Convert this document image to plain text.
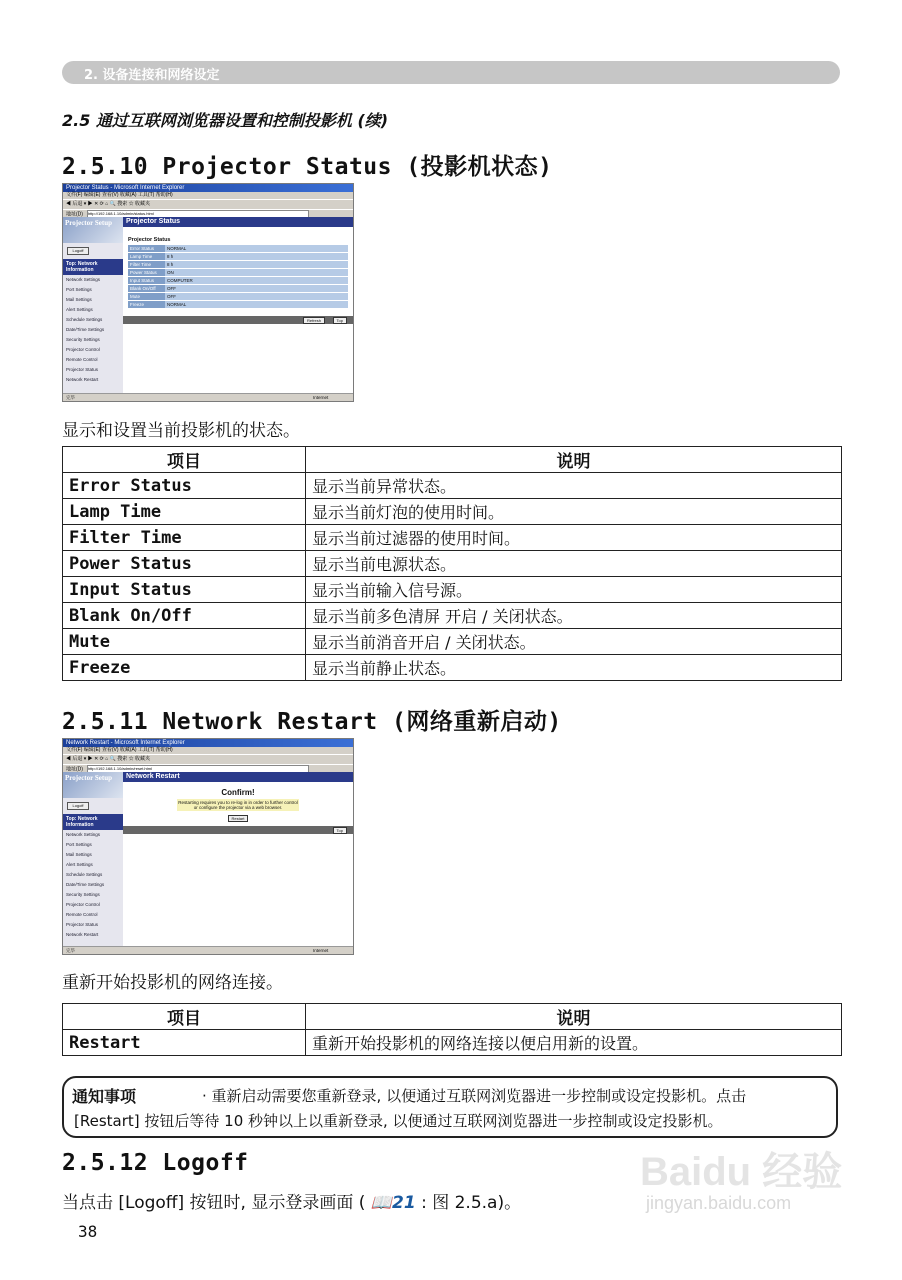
2. 设备连接和网络设定
2.5 通过互联网浏览器设置和控制投影机 (续)
2.5.10 Projector Status (投影机状态)
Projector Status - Microsoft Internet Explorer
文件(F) 编辑(E) 查看(V) 收藏(A) 工具(T) 帮助(H)
◀ 后退 ▾ ▶ ✕ ⟳ ⌂ 🔍 搜索 ☆ 收藏夹
地址(D) http://192.168.1.10/admin/status.html
Projector Setup
Logoff
Top: Network Information
Network Settings
Port Settings
Mail Settings
Alert Settings
Schedule Settings
Date/Time Settings
Security Settings
Projector Control
Remote Control
Projector Status
Network Restart
Projector Status
Projector Status
Error Status	NORMAL
Lamp Time	8 h
Filter Time	8 h
Power Status	ON
Input Status	COMPUTER
Blank On/Off	OFF
Mute	OFF
Freeze	NORMAL
Refresh	Top
完毕	Internet
显示和设置当前投影机的状态。
项目	说明
Error Status	显示当前异常状态。
Lamp Time	显示当前灯泡的使用时间。
Filter Time	显示当前过滤器的使用时间。
Power Status	显示当前电源状态。
Input Status	显示当前输入信号源。
Blank On/Off	显示当前多色清屏 开启 / 关闭状态。
Mute	显示当前消音开启 / 关闭状态。
Freeze	显示当前静止状态。
2.5.11 Network Restart (网络重新启动)
Network Restart - Microsoft Internet Explorer
文件(F) 编辑(E) 查看(V) 收藏(A) 工具(T) 帮助(H)
◀ 后退 ▾ ▶ ✕ ⟳ ⌂ 🔍 搜索 ☆ 收藏夹
地址(D) http://192.168.1.10/admin/reset.html
Projector Setup
Logoff
Top: Network Information
Network Settings
Port Settings
Mail Settings
Alert Settings
Schedule Settings
Date/Time Settings
Security Settings
Projector Control
Remote Control
Projector Status
Network Restart
Network Restart
Confirm!
Restarting requires you to re-log in in order to further control or configure the projector via a web browser.
Restart
Top
完毕	Internet
重新开始投影机的网络连接。
项目	说明
Restart	重新开始投影机的网络连接以便启用新的设置。
通知事项	· 重新启动需要您重新登录, 以便通过互联网浏览器进一步控制或设定投影机。点击
[Restart] 按钮后等待 10 秒钟以上以重新登录, 以便通过互联网浏览器进一步控制或设定投影机。
2.5.12 Logoff
当点击 [Logoff] 按钮时, 显示登录画面 ( 📖21 : 图 2.5.a)。
38
Baidu 经验
jingyan.baidu.com
